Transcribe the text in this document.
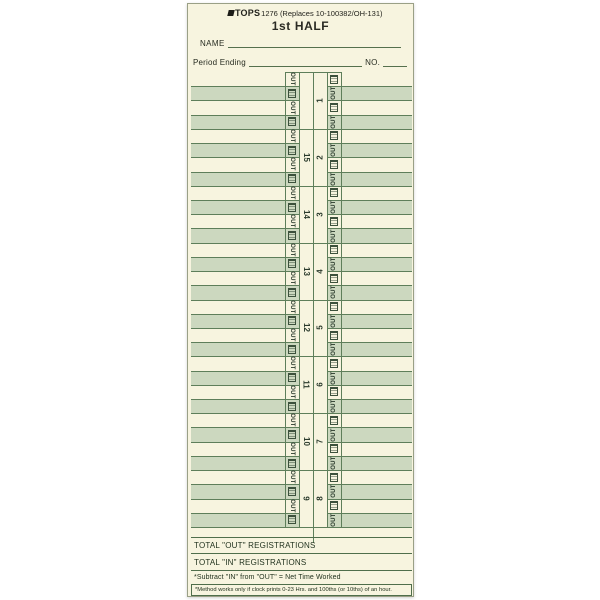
TOPS 1276
(Replaces 10-100382/OH-131)
1st HALF
NAME
Period Ending	NO.
OUT
OUT
OUT
OUT
OUT
OUT
OUT
OUT
OUT
OUT
OUT
OUT
OUT
OUT
OUT
OUT
OUT
OUT
OUT
OUT
OUT
OUT
OUT
OUT
OUT
OUT
OUT
OUT
OUT
OUT
OUT
OUT
1
15 2
14 3
13 4
12 5
11 6
10 7
9 8
TOTAL "OUT" REGISTRATIONS
TOTAL "IN" REGISTRATIONS
*Subtract "IN" from "OUT" = Net Time Worked
*Method works only if clock prints 0-23 Hrs. and 100ths (or 10ths) of an hour.
